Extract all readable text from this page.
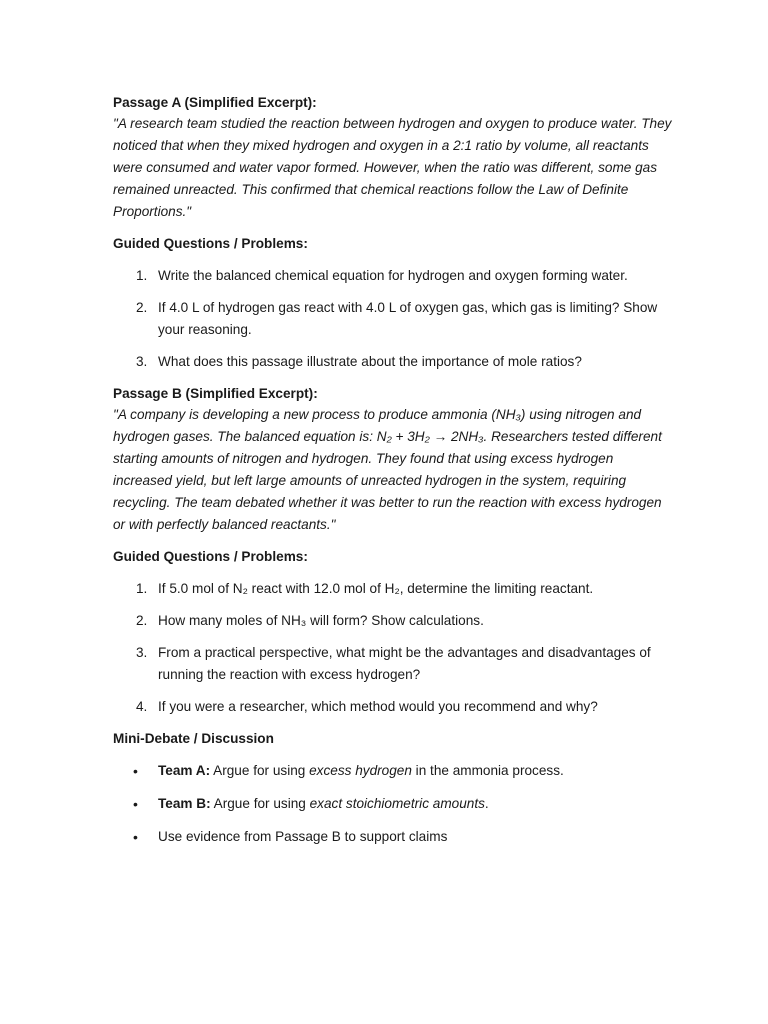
Passage A (Simplified Excerpt):

"A research team studied the reaction between hydrogen and oxygen to produce water. They noticed that when they mixed hydrogen and oxygen in a 2:1 ratio by volume, all reactants were consumed and water vapor formed. However, when the ratio was different, some gas remained unreacted. This confirmed that chemical reactions follow the Law of Definite Proportions."

Guided Questions / Problems:

1. Write the balanced chemical equation for hydrogen and oxygen forming water.
2. If 4.0 L of hydrogen gas react with 4.0 L of oxygen gas, which gas is limiting? Show your reasoning.
3. What does this passage illustrate about the importance of mole ratios?

Passage B (Simplified Excerpt):

"A company is developing a new process to produce ammonia (NH₃) using nitrogen and hydrogen gases. The balanced equation is: N₂ + 3H₂ → 2NH₃. Researchers tested different starting amounts of nitrogen and hydrogen. They found that using excess hydrogen increased yield, but left large amounts of unreacted hydrogen in the system, requiring recycling. The team debated whether it was better to run the reaction with excess hydrogen or with perfectly balanced reactants."

Guided Questions / Problems:

1. If 5.0 mol of N₂ react with 12.0 mol of H₂, determine the limiting reactant.
2. How many moles of NH₃ will form? Show calculations.
3. From a practical perspective, what might be the advantages and disadvantages of running the reaction with excess hydrogen?
4. If you were a researcher, which method would you recommend and why?

Mini-Debate / Discussion

• Team A: Argue for using excess hydrogen in the ammonia process.
• Team B: Argue for using exact stoichiometric amounts.
• Use evidence from Passage B to support claims
